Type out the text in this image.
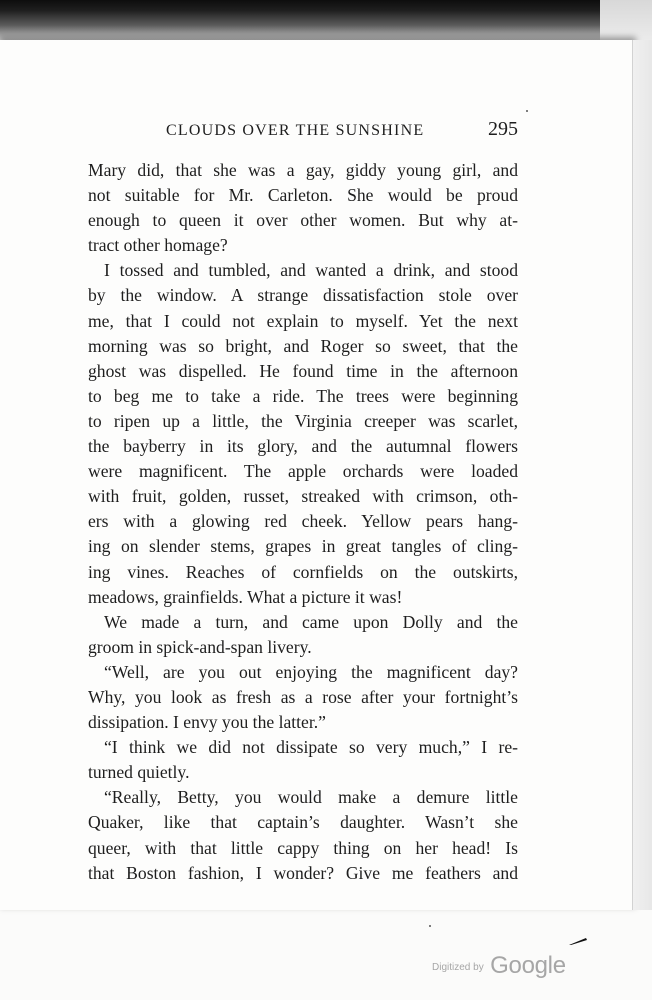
CLOUDS OVER THE SUNSHINE	295
Mary did, that she was a gay, giddy young girl, and
not suitable for Mr. Carleton. She would be proud
enough to queen it over other women. But why at-
tract other homage?
I tossed and tumbled, and wanted a drink, and stood
by the window. A strange dissatisfaction stole over
me, that I could not explain to myself. Yet the next
morning was so bright, and Roger so sweet, that the
ghost was dispelled. He found time in the afternoon
to beg me to take a ride. The trees were beginning
to ripen up a little, the Virginia creeper was scarlet,
the bayberry in its glory, and the autumnal flowers
were magnificent. The apple orchards were loaded
with fruit, golden, russet, streaked with crimson, oth-
ers with a glowing red cheek. Yellow pears hang-
ing on slender stems, grapes in great tangles of cling-
ing vines. Reaches of cornfields on the outskirts,
meadows, grainfields. What a picture it was!
We made a turn, and came upon Dolly and the
groom in spick-and-span livery.
“Well, are you out enjoying the magnificent day?
Why, you look as fresh as a rose after your fortnight’s
dissipation. I envy you the latter.”
“I think we did not dissipate so very much,” I re-
turned quietly.
“Really, Betty, you would make a demure little
Quaker, like that captain’s daughter. Wasn’t she
queer, with that little cappy thing on her head! Is
that Boston fashion, I wonder? Give me feathers and
Digitized by Google
